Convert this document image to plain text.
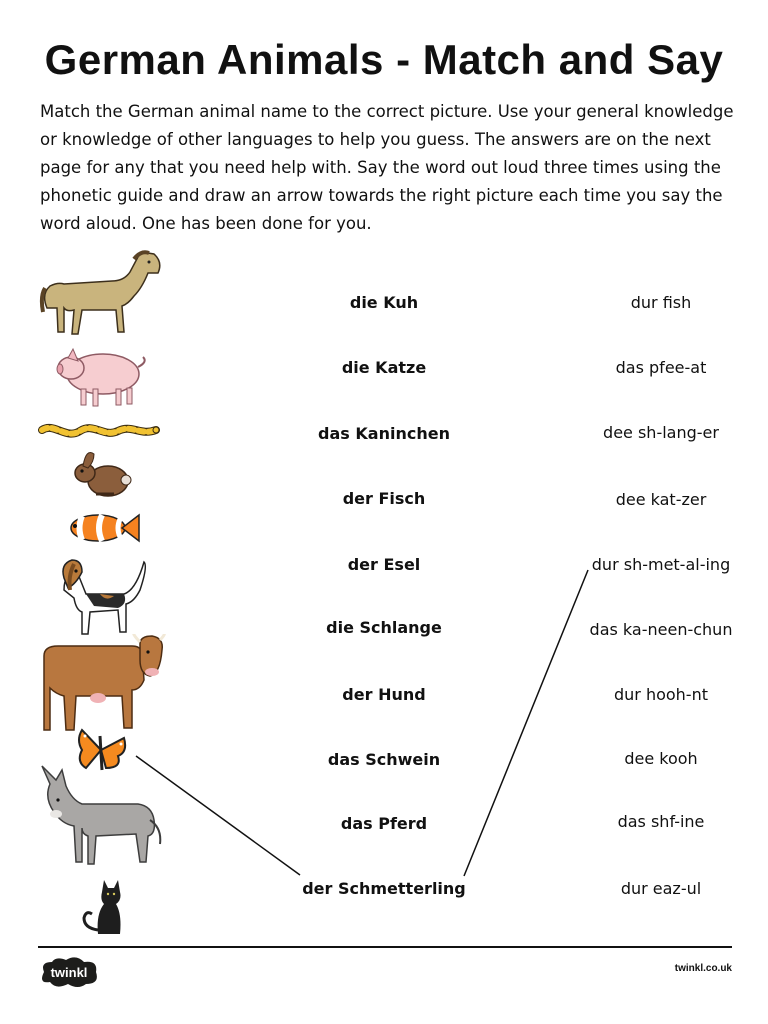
German Animals - Match and Say

Match the German animal name to the correct picture. Use your general knowledge or knowledge of other languages to help you guess. The answers are on the next page for any that you need help with. Say the word out loud three times using the phonetic guide and draw an arrow towards the right picture each time you say the word aloud. One has been done for you.

die Kuh

die Katze

das Kaninchen

der Fisch

der Esel

die Schlange

der Hund

das Schwein

das Pferd

der Schmetterling

dur fish

das pfee-at

dee sh-lang-er

dee kat-zer

dur sh-met-al-ing

das ka-neen-chun

dur hooh-nt

dee kooh

das shf-ine

dur eaz-ul

twinkl	twinkl.co.uk
